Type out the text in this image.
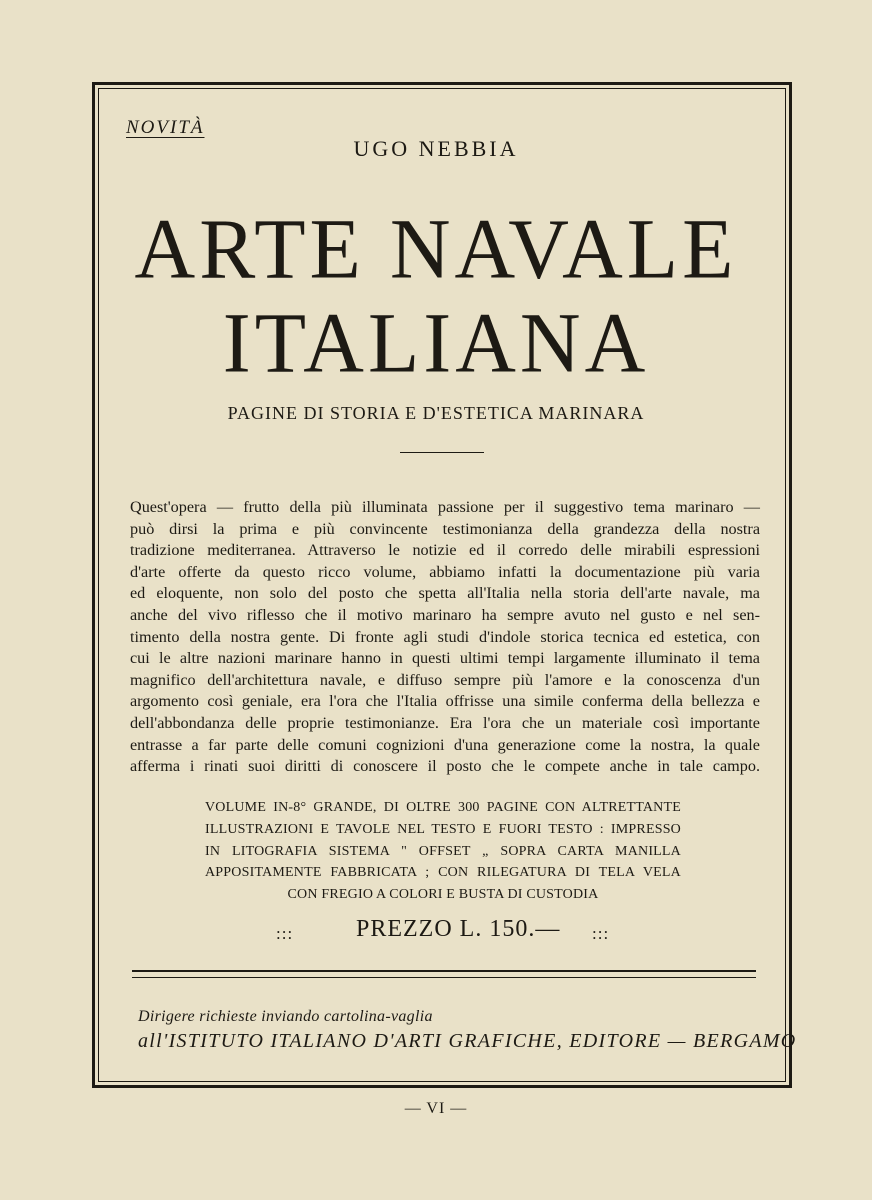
NOVITÀ
UGO NEBBIA
ARTE NAVALE
ITALIANA
PAGINE DI STORIA E D'ESTETICA MARINARA
Quest'opera — frutto della più illuminata passione per il suggestivo tema marinaro —
può dirsi la prima e più convincente testimonianza della grandezza della nostra
tradizione mediterranea. Attraverso le notizie ed il corredo delle mirabili espressioni
d'arte offerte da questo ricco volume, abbiamo infatti la documentazione più varia
ed eloquente, non solo del posto che spetta all'Italia nella storia dell'arte navale, ma
anche del vivo riflesso che il motivo marinaro ha sempre avuto nel gusto e nel sen-
timento della nostra gente. Di fronte agli studi d'indole storica tecnica ed estetica, con
cui le altre nazioni marinare hanno in questi ultimi tempi largamente illuminato il tema
magnifico dell'architettura navale, e diffuso sempre più l'amore e la conoscenza d'un
argomento così geniale, era l'ora che l'Italia offrisse una simile conferma della bellezza e
dell'abbondanza delle proprie testimonianze. Era l'ora che un materiale così importante
entrasse a far parte delle comuni cognizioni d'una generazione come la nostra, la quale
afferma i rinati suoi diritti di conoscere il posto che le compete anche in tale campo.
VOLUME IN-8° GRANDE, DI OLTRE 300 PAGINE CON ALTRETTANTE
ILLUSTRAZIONI E TAVOLE NEL TESTO E FUORI TESTO : IMPRESSO
IN LITOGRAFIA SISTEMA " OFFSET „ SOPRA CARTA MANILLA
APPOSITAMENTE FABBRICATA ; CON RILEGATURA DI TELA VELA
CON FREGIO A COLORI E BUSTA DI CUSTODIA
:::	PREZZO L. 150.— :::
Dirigere richieste inviando cartolina-vaglia
all'ISTITUTO ITALIANO D'ARTI GRAFICHE, EDITORE — BERGAMO
— VI —
